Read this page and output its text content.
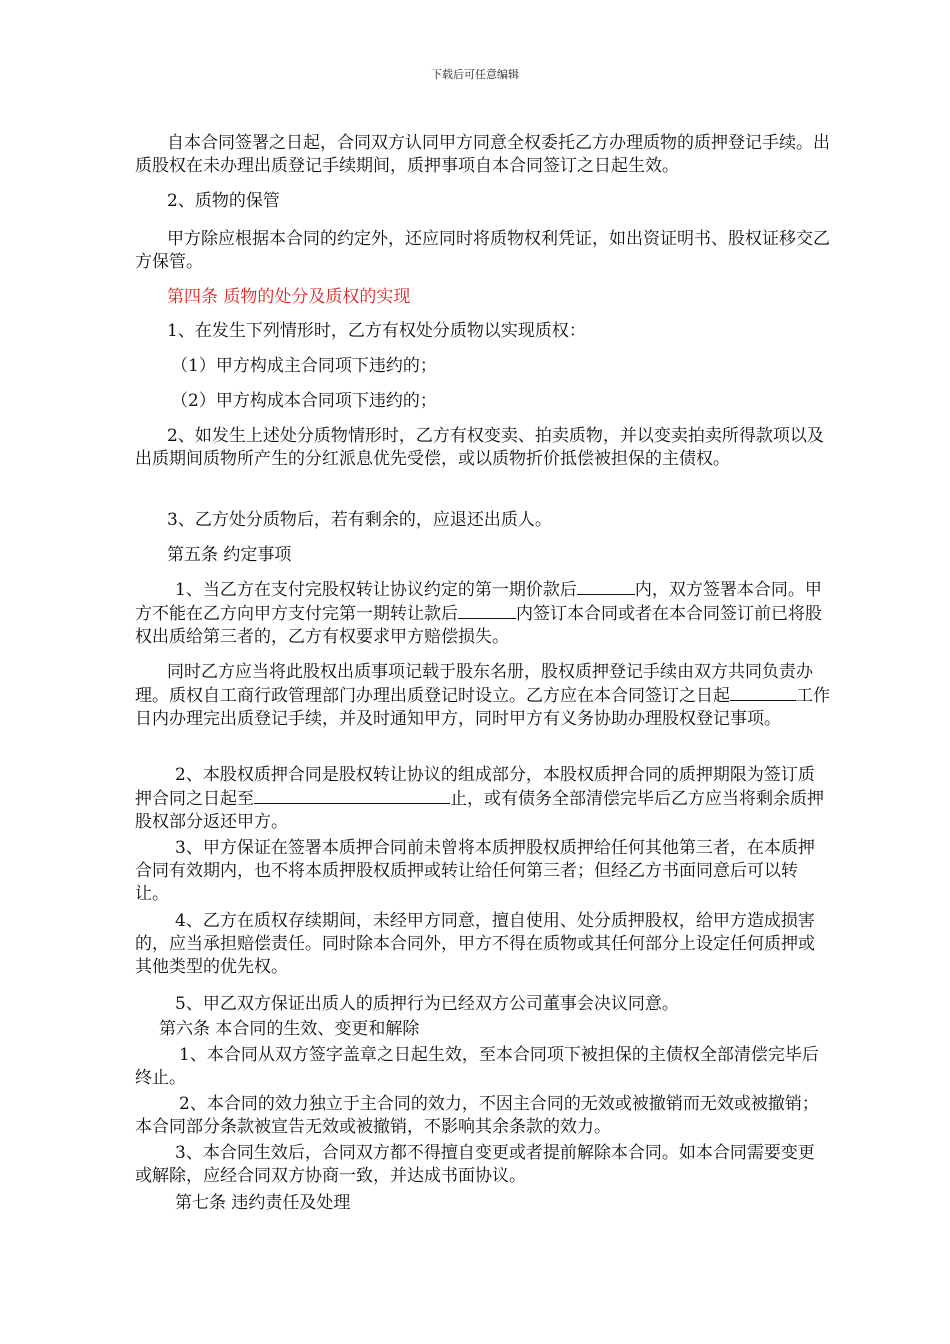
下载后可任意编辑

自本合同签署之日起，合同双方认同甲方同意全权委托乙方办理质物的质押登记手续。出质股权在未办理出质登记手续期间，质押事项自本合同签订之日起生效。

2、质物的保管

甲方除应根据本合同的约定外，还应同时将质物权利凭证，如出资证明书、股权证移交乙方保管。

第四条 质物的处分及质权的实现

1、在发生下列情形时，乙方有权处分质物以实现质权：

（1）甲方构成主合同项下违约的；

（2）甲方构成本合同项下违约的；

2、如发生上述处分质物情形时，乙方有权变卖、拍卖质物，并以变卖拍卖所得款项以及出质期间质物所产生的分红派息优先受偿，或以质物折价抵偿被担保的主债权。

3、乙方处分质物后，若有剩余的，应退还出质人。

第五条 约定事项

1、当乙方在支付完股权转让协议约定的第一期价款后	内，双方签署本合同。甲方不能在乙方向甲方支付完第一期转让款后	内签订本合同或者在本合同签订前已将股权出质给第三者的，乙方有权要求甲方赔偿损失。

同时乙方应当将此股权出质事项记载于股东名册，股权质押登记手续由双方共同负责办理。质权自工商行政管理部门办理出质登记时设立。乙方应在本合同签订之日起	工作日内办理完出质登记手续，并及时通知甲方，同时甲方有义务协助办理股权登记事项。

2、本股权质押合同是股权转让协议的组成部分，本股权质押合同的质押期限为签订质押合同之日起至	止，或有债务全部清偿完毕后乙方应当将剩余质押股权部分返还甲方。

3、甲方保证在签署本质押合同前未曾将本质押股权质押给任何其他第三者，在本质押合同有效期内，也不将本质押股权质押或转让给任何第三者；但经乙方书面同意后可以转让。

4、乙方在质权存续期间，未经甲方同意，擅自使用、处分质押股权，给甲方造成损害的，应当承担赔偿责任。同时除本合同外，甲方不得在质物或其任何部分上设定任何质押或其他类型的优先权。

5、甲乙双方保证出质人的质押行为已经双方公司董事会决议同意。

第六条 本合同的生效、变更和解除

1、本合同从双方签字盖章之日起生效，至本合同项下被担保的主债权全部清偿完毕后终止。

2、本合同的效力独立于主合同的效力，不因主合同的无效或被撤销而无效或被撤销；本合同部分条款被宣告无效或被撤销，不影响其余条款的效力。

3、本合同生效后，合同双方都不得擅自变更或者提前解除本合同。如本合同需要变更或解除，应经合同双方协商一致，并达成书面协议。

第七条 违约责任及处理
